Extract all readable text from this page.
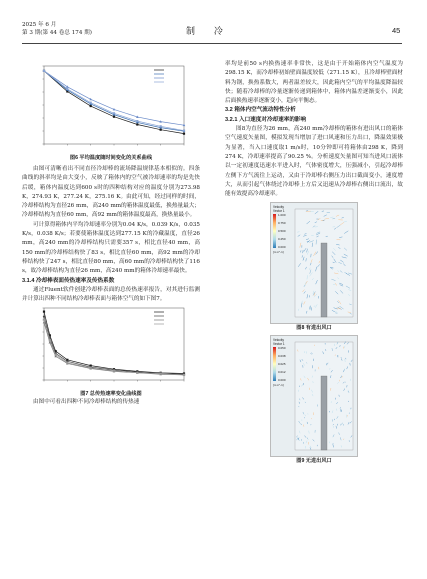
2025 年 6 月
第 3 期(第 44 卷总 174 期)	制 冷	45

图6 平均温度随时间变化的关系曲线

由图可清晰看出不同直径冷却棒的流场降温规律基本相似的。四条曲线的斜率均是由大变小，反映了箱体内的空气被冷却速率的均是先快后缓，箱体内温度达到600 s时的四种结构对应的温度分别为273.98 K，274.93 K，277.24 K，275.16 K。由此可知，经过同样的时间，冷却棒结构为直径26 mm，高240 mm的箱体温度最低，换热量最大；冷却棒结构为直径60 mm，高92 mm的箱体温度最高，换热量最小。

可计算得箱体内平均冷却速率分别为0.04 K/s，0.039 K/s，0.035 K/s，0.038 K/s；若要使箱体温度达到277.15 K的冷藏温度，直径26 mm，高240 mm的冷却棒结构只需要357 s，相比直径40 mm，高150 mm的冷却棒结构快了83 s，相比直径60 mm，高92 mm的冷却棒结构快了247 s，相比直径80 mm，高60 mm的冷却棒结构快了116 s，故冷却棒结构为直径26 mm，高240 mm的箱体冷却速率最快。

3.1.4 冷却棒表面传热速率及传热系数

通过Fluent软件创建冷却棒表面的总传热速率报告，对其进行监测并计算出四种不同结构冷却棒表面与箱体空气的如下图7。

图7 总传热速率变化曲线图

由图中可看出四种不同冷却棒结构的传热速

率均是前50 s内换热速率非常快，这是由于开始箱体内空气温度为298.15 K，而冷却棒初始壁面温度较低（271.15 K），且冷却棒壁面材料为钢，换热系数大，两者温差较大，因此箱内空气的平均温度降温较快；随着冷却棒的冷量逐渐传递到箱体中，箱体内温差逐渐变小，因此后面换热速率逐渐变小，趋向平衡态。

3.2 箱体内空气流动特性分析

3.2.1 入口速度对冷却速率的影响

图8为直径为26 mm，高240 mm冷却棒的箱体有进出风口的箱体空气速度矢量图，模拟发现当增加了进口风速和压力出口，降温效果极为显著，当入口速度取1 m/s时，10分钟即可将箱体由298 K，降到274 K，冷却速率提高了90.25 %。分析速度矢量图可知当进风口流体以一定初速度迅速水平进入时，气体密度增大，压强减小，引起冷却棒左侧下方气流往上运动，又由于冷却棒右侧压力出口截面变小，速度增大，从而引起气体绕过冷却棒上方后又迅速从冷却棒右侧出口流出，故能有效提高冷却速率。

Velocity
Vector 1
1.000
0.750
0.500
0.250
0.000
[m s^-1]

图8 有进出风口

Velocity
Vector 1
0.050
0.038
0.025
0.012
0.000
[m s^-1]

图9 无进出风口
